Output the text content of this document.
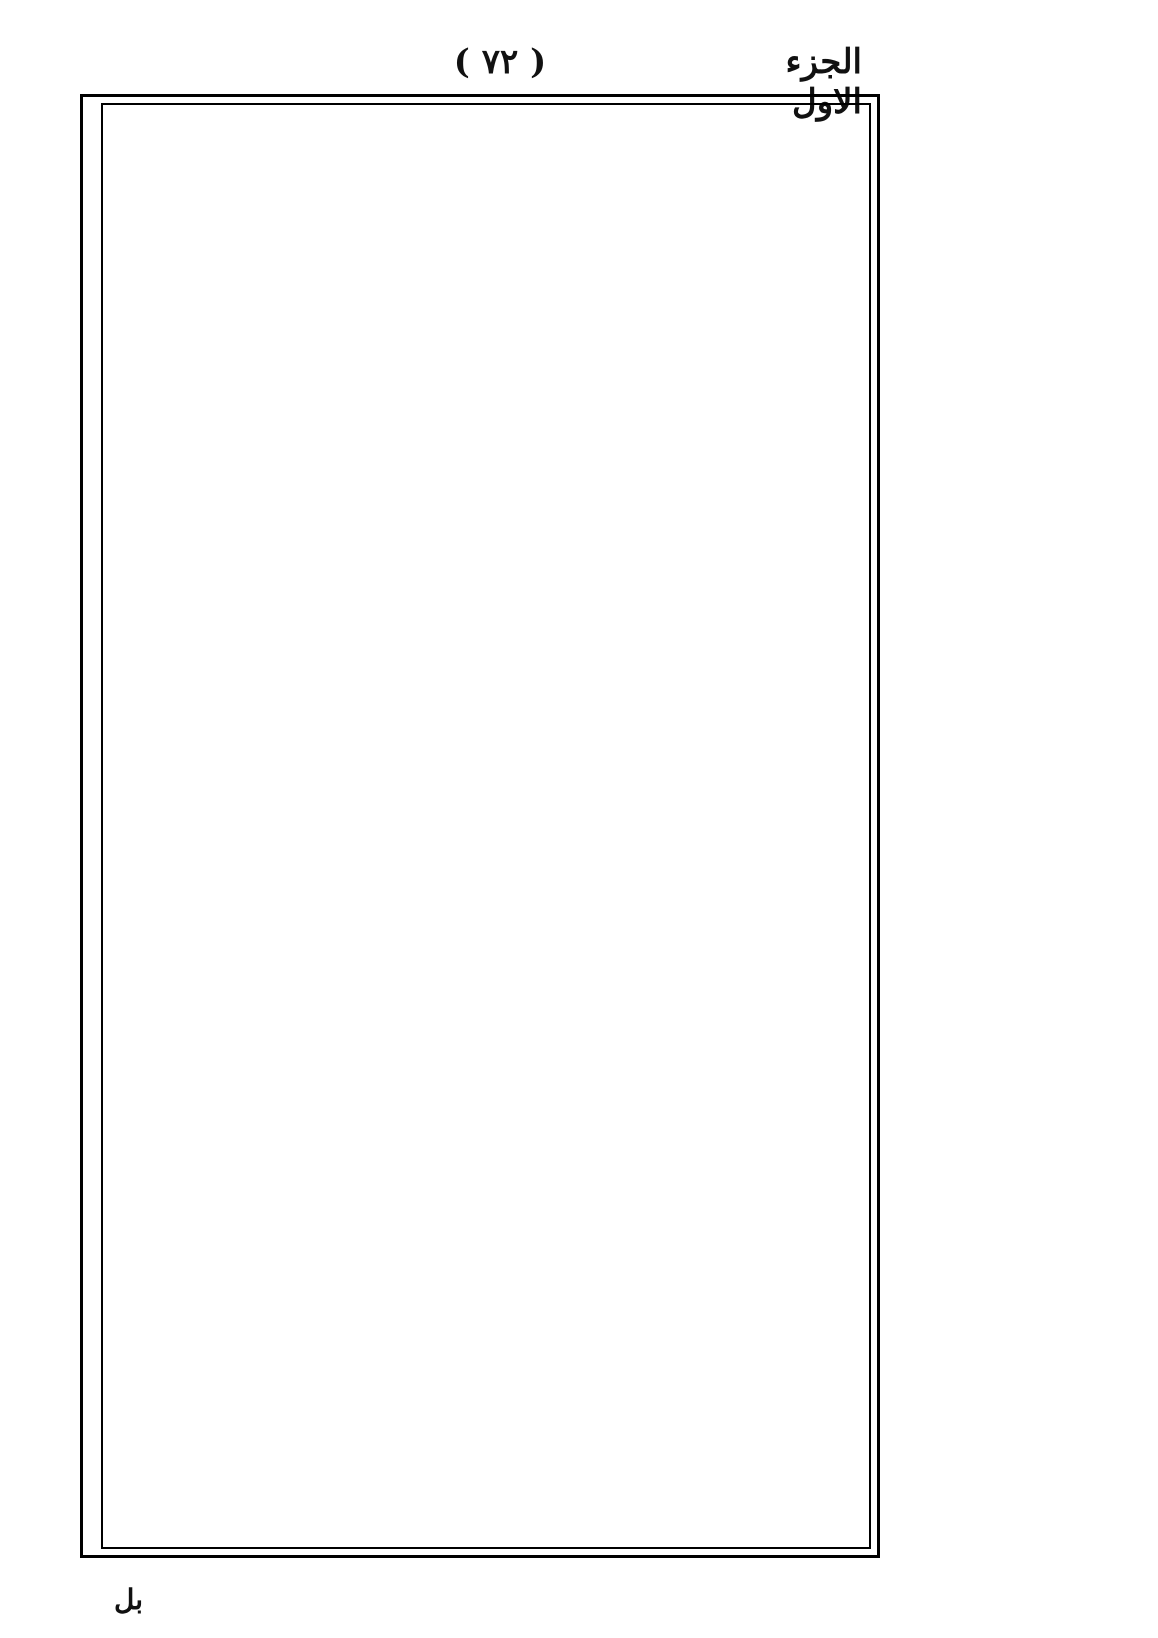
الجزء الاول
( ٧٢ )
بل
